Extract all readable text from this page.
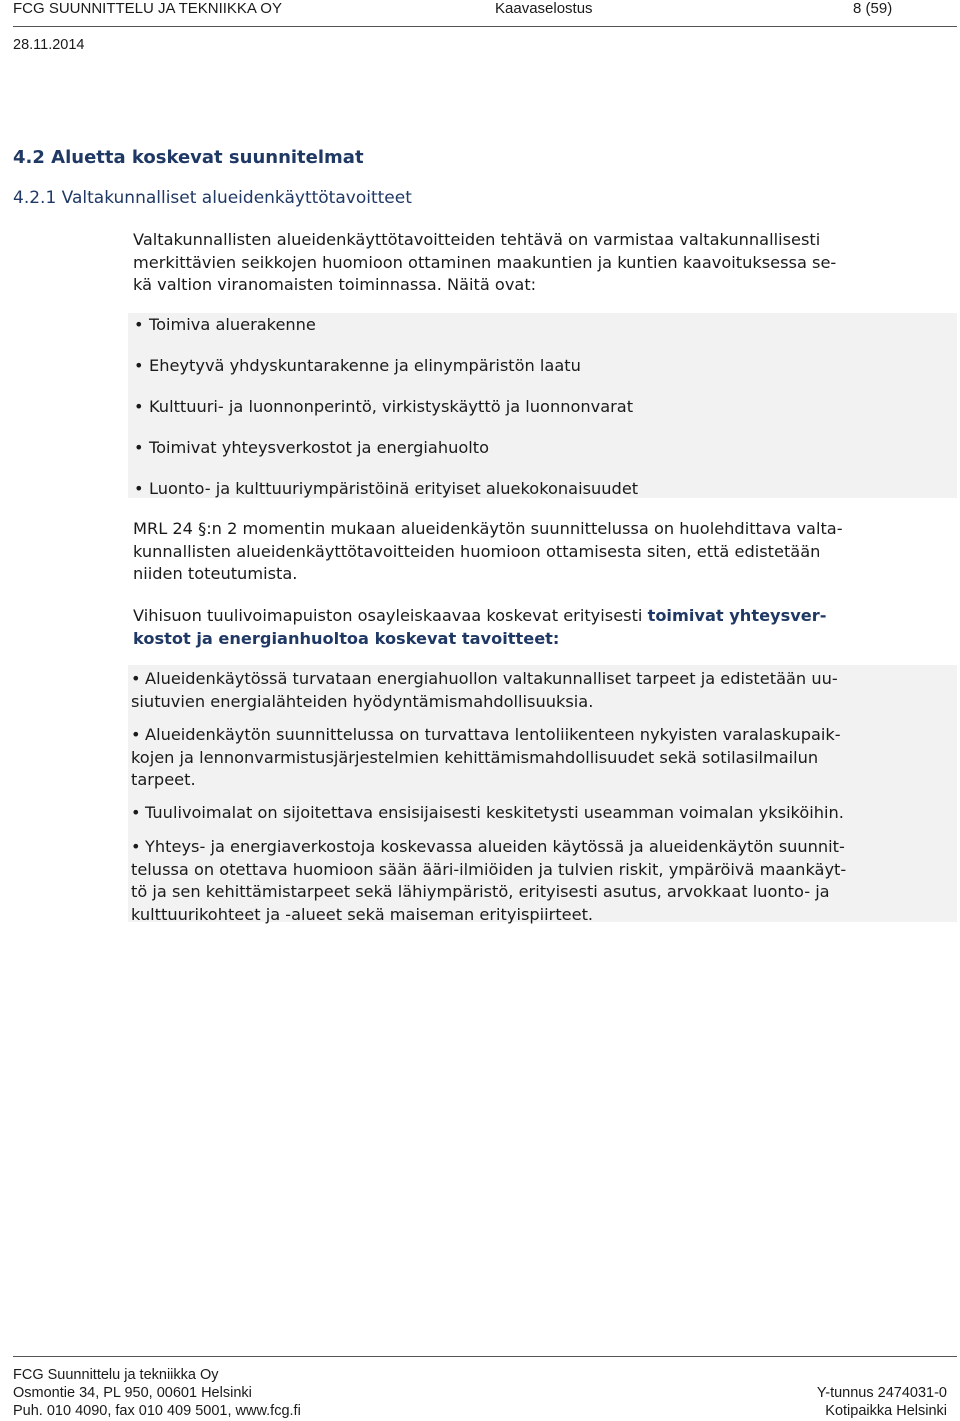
FCG SUUNNITTELU JA TEKNIIKKA OY	Kaavaselostus	8 (59)
28.11.2014
4.2 Aluetta koskevat suunnitelmat
4.2.1 Valtakunnalliset alueidenkäyttötavoitteet
Valtakunnallisten alueidenkäyttötavoitteiden tehtävä on varmistaa valtakunnallisesti
merkittävien seikkojen huomioon ottaminen maakuntien ja kuntien kaavoituksessa se-
kä valtion viranomaisten toiminnassa. Näitä ovat:
• Toimiva aluerakenne
• Eheytyvä yhdyskuntarakenne ja elinympäristön laatu
• Kulttuuri- ja luonnonperintö, virkistyskäyttö ja luonnonvarat
• Toimivat yhteysverkostot ja energiahuolto
• Luonto- ja kulttuuriympäristöinä erityiset aluekokonaisuudet
MRL 24 §:n 2 momentin mukaan alueidenkäytön suunnittelussa on huolehdittava valta-
kunnallisten alueidenkäyttötavoitteiden huomioon ottamisesta siten, että edistetään
niiden toteutumista.
Vihisuon tuulivoimapuiston osayleiskaavaa koskevat erityisesti toimivat yhteysver-
kostot ja energianhuoltoa koskevat tavoitteet:
• Alueidenkäytössä turvataan energiahuollon valtakunnalliset tarpeet ja edistetään uu-
siutuvien energialähteiden hyödyntämismahdollisuuksia.
• Alueidenkäytön suunnittelussa on turvattava lentoliikenteen nykyisten varalaskupaik-
kojen ja lennonvarmistusjärjestelmien kehittämismahdollisuudet sekä sotilasilmailun
tarpeet.
• Tuulivoimalat on sijoitettava ensisijaisesti keskitetysti useamman voimalan yksiköihin.
• Yhteys- ja energiaverkostoja koskevassa alueiden käytössä ja alueidenkäytön suunnit-
telussa on otettava huomioon sään ääri-ilmiöiden ja tulvien riskit, ympäröivä maankäyt-
tö ja sen kehittämistarpeet sekä lähiympäristö, erityisesti asutus, arvokkaat luonto- ja
kulttuurikohteet ja -alueet sekä maiseman erityispiirteet.
FCG Suunnittelu ja tekniikka Oy
Osmontie 34, PL 950, 00601 Helsinki
Puh. 010 4090, fax 010 409 5001, www.fcg.fi
Y-tunnus 2474031-0
Kotipaikka Helsinki
